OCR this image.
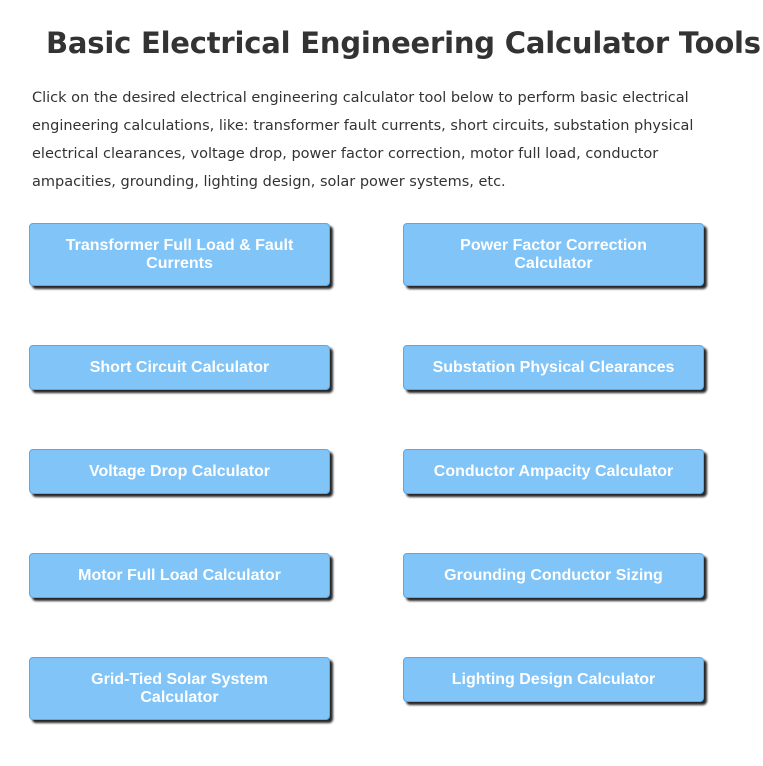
Basic Electrical Engineering Calculator Tools

Click on the desired electrical engineering calculator tool below to perform basic electrical engineering calculations, like: transformer fault currents, short circuits, substation physical electrical clearances, voltage drop, power factor correction, motor full load, conductor ampacities, grounding, lighting design, solar power systems, etc.

Transformer Full Load & Fault Currents
Power Factor Correction Calculator
Short Circuit Calculator	Substation Physical Clearances
Voltage Drop Calculator	Conductor Ampacity Calculator
Motor Full Load Calculator	Grounding Conductor Sizing
Grid-Tied Solar System Calculator
Lighting Design Calculator
